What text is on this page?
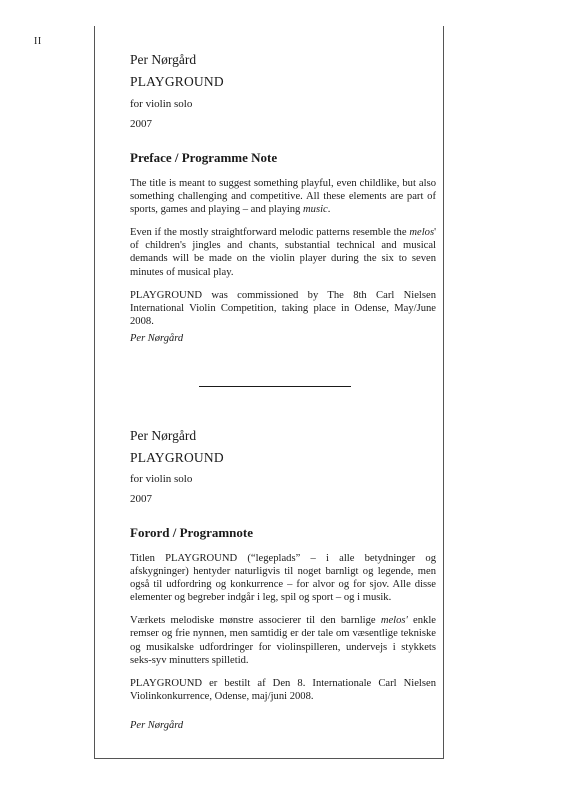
II
Per Nørgård
PLAYGROUND
for violin solo
2007
Preface / Programme Note

The title is meant to suggest something playful, even childlike, but also something challenging and competitive. All these elements are part of sports, games and playing – and playing music.

Even if the mostly straightforward melodic patterns resemble the melos' of children's jingles and chants, substantial technical and musical demands will be made on the violin player during the six to seven minutes of musical play.

PLAYGROUND was commissioned by The 8th Carl Nielsen International Violin Competition, taking place in Odense, May/June 2008.

Per Nørgård
Per Nørgård
PLAYGROUND
for violin solo
2007
Forord / Programnote

Titlen PLAYGROUND (“legeplads” – i alle betydninger og afskygninger) hentyder naturligvis til noget barnligt og legende, men også til udfordring og konkurrence – for alvor og for sjov. Alle disse elementer og begreber indgår i leg, spil og sport – og i musik.

Værkets melodiske mønstre associerer til den barnlige melos' enkle remser og frie nynnen, men samtidig er der tale om væsentlige tekniske og musikalske udfordringer for violinspilleren, undervejs i stykkets seks-syv minutters spilletid.

PLAYGROUND er bestilt af Den 8. Internationale Carl Nielsen Violinkonkurrence, Odense, maj/juni 2008.

Per Nørgård
